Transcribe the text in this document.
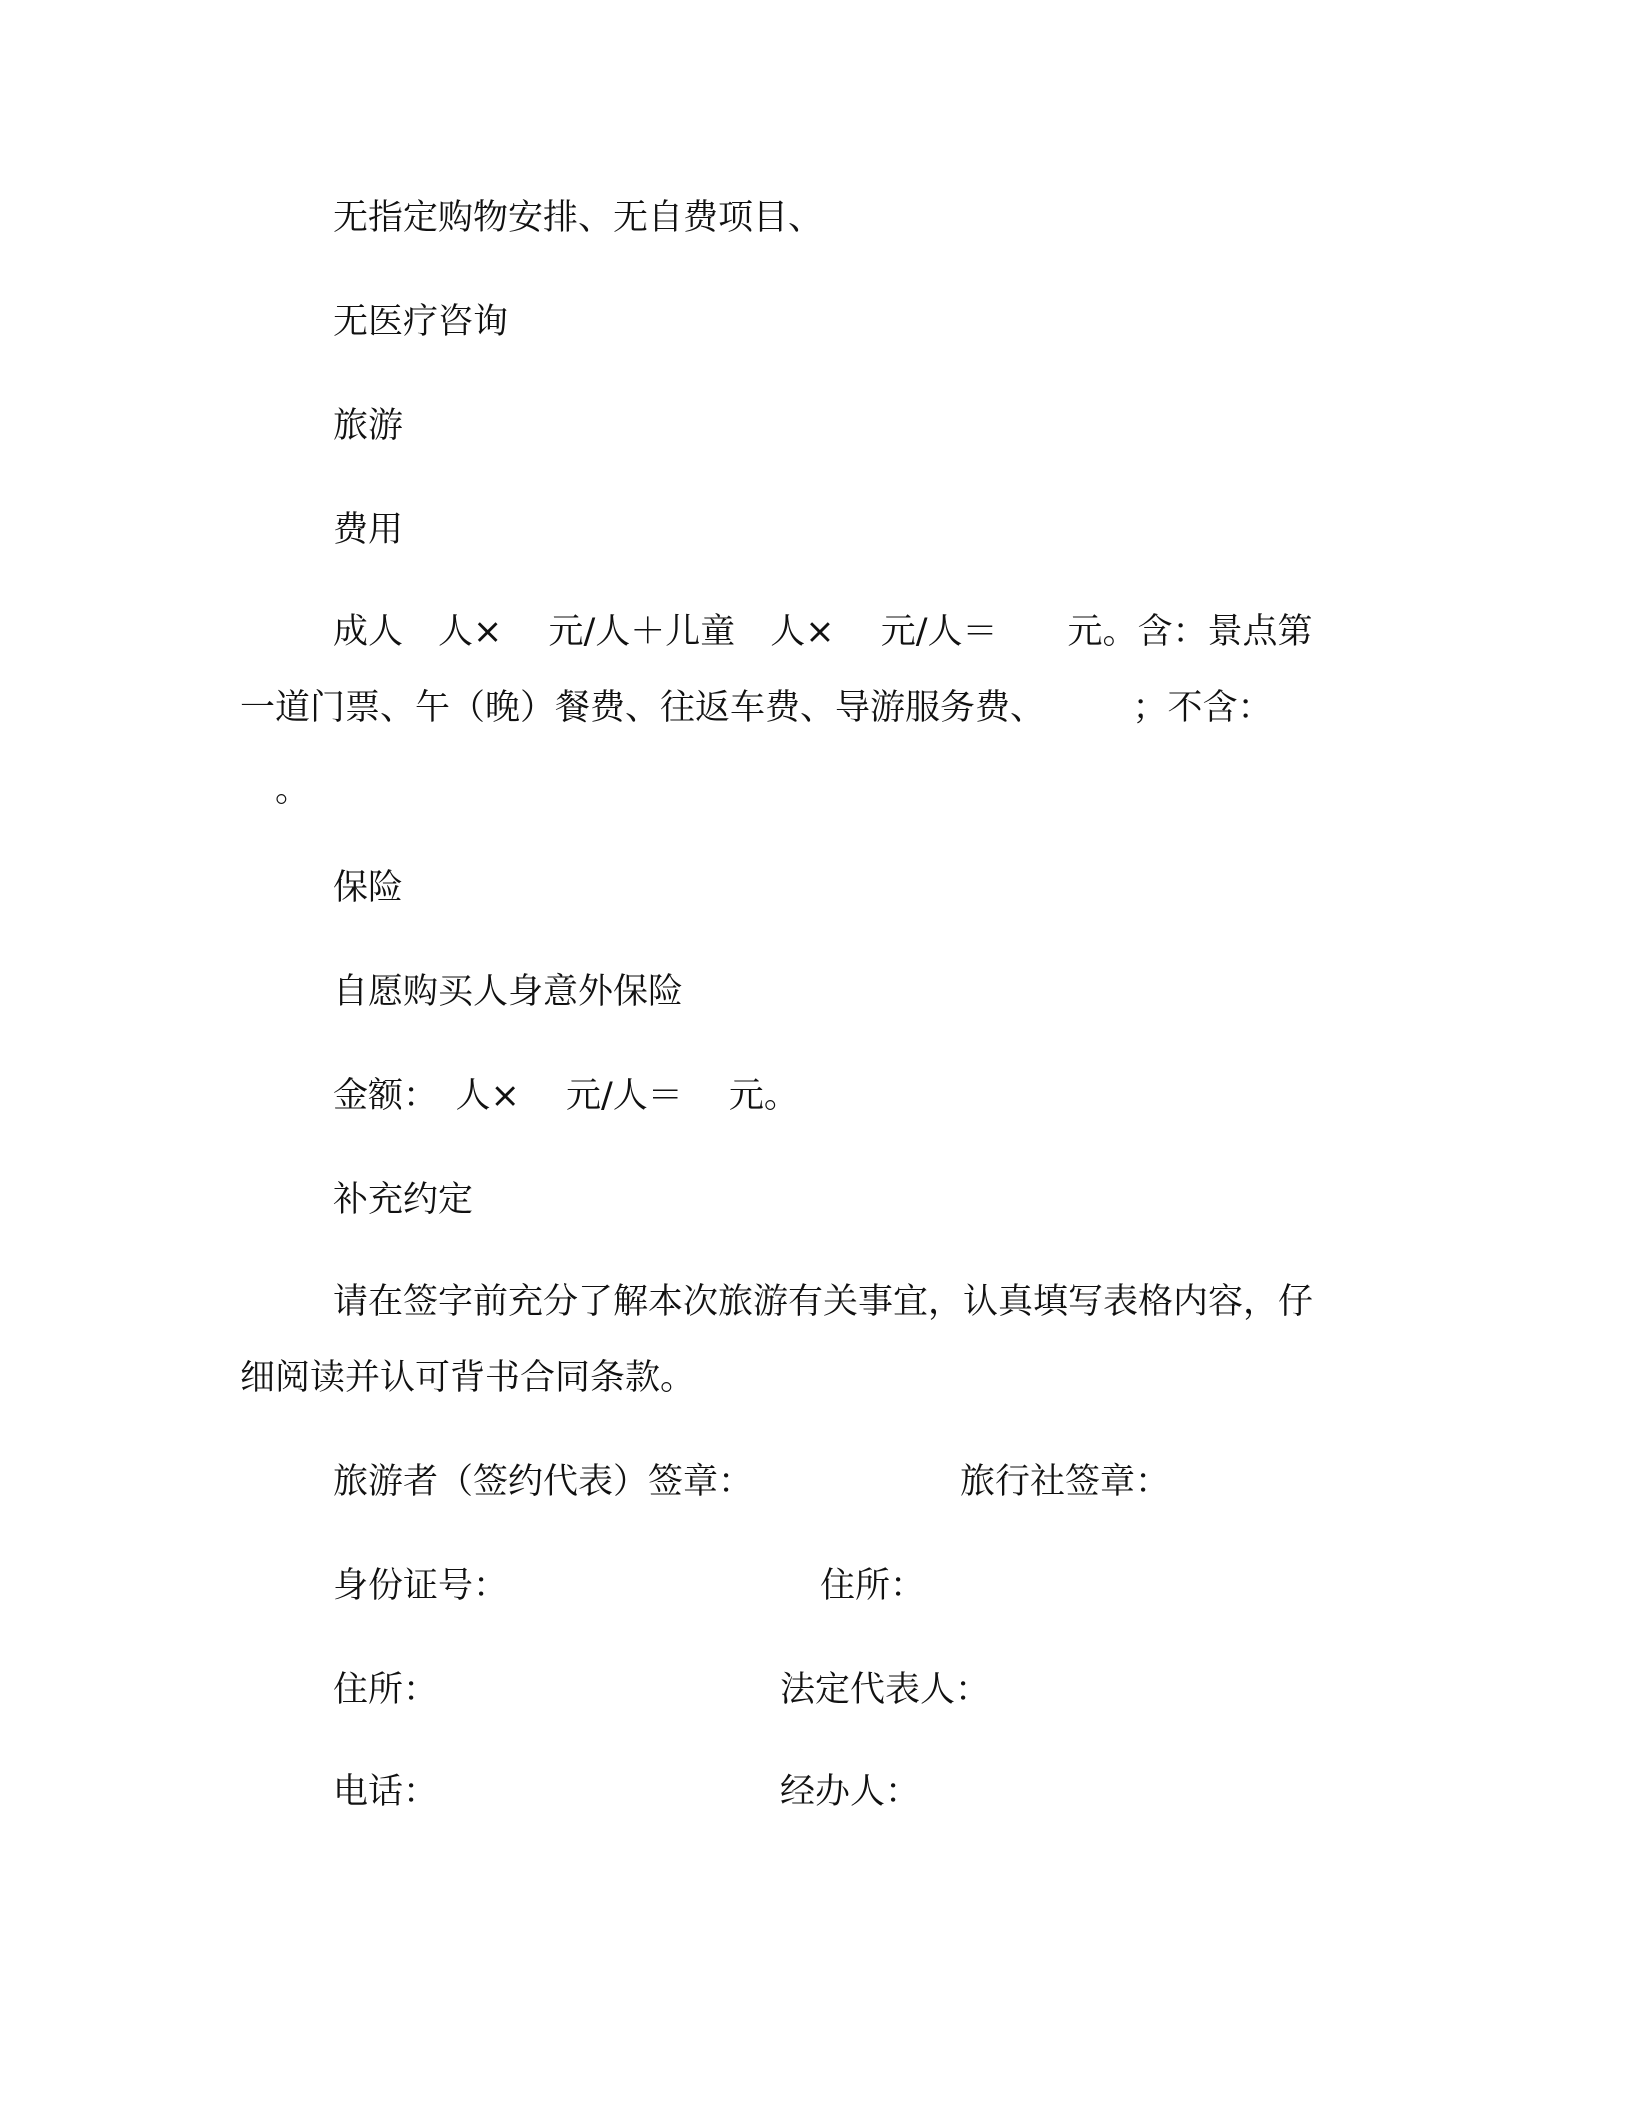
无指定购物安排、无自费项目、
无医疗咨询
旅游
费用
成人　人×　 元/人＋儿童　人×　 元/人＝　　元。含：景点第
一道门票、午（晚）餐费、往返车费、导游服务费、　　　；不含：
　。
保险
自愿购买人身意外保险
金额：　人×　 元/人＝　 元。
补充约定
请在签字前充分了解本次旅游有关事宜，认真填写表格内容，仔
细阅读并认可背书合同条款。
旅游者（签约代表）签章：	旅行社签章：
身份证号：	住所：
住所：	法定代表人：
电话：	经办人：
